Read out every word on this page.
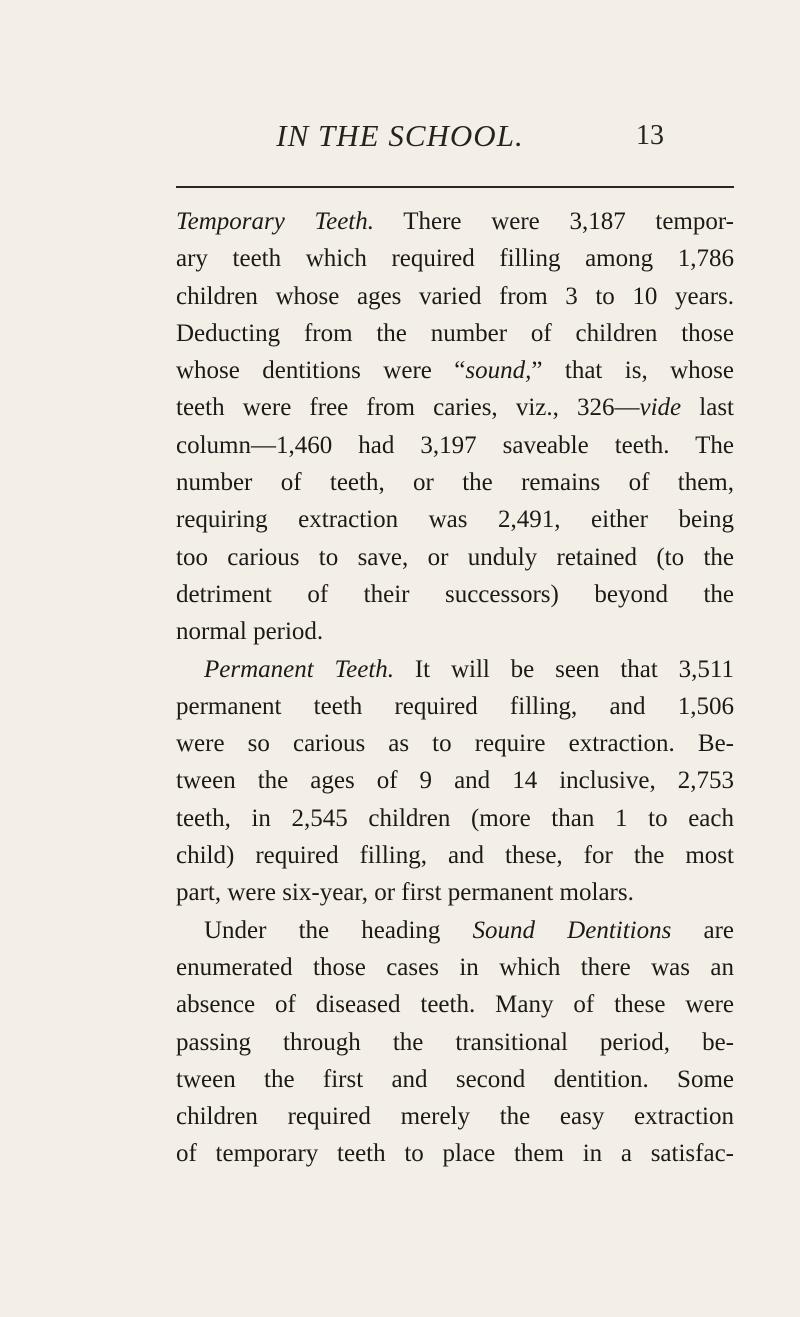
IN THE SCHOOL.	13
Temporary Teeth. There were 3,187 tempor-
ary teeth which required filling among 1,786
children whose ages varied from 3 to 10 years.
Deducting from the number of children those
whose dentitions were “sound,” that is, whose
teeth were free from caries, viz., 326—vide last
column—1,460 had 3,197 saveable teeth. The
number of teeth, or the remains of them,
requiring extraction was 2,491, either being
too carious to save, or unduly retained (to the
detriment of their successors) beyond the
normal period.
Permanent Teeth. It will be seen that 3,511
permanent teeth required filling, and 1,506
were so carious as to require extraction. Be-
tween the ages of 9 and 14 inclusive, 2,753
teeth, in 2,545 children (more than 1 to each
child) required filling, and these, for the most
part, were six-year, or first permanent molars.
Under the heading Sound Dentitions are
enumerated those cases in which there was an
absence of diseased teeth. Many of these were
passing through the transitional period, be-
tween the first and second dentition. Some
children required merely the easy extraction
of temporary teeth to place them in a satisfac-
